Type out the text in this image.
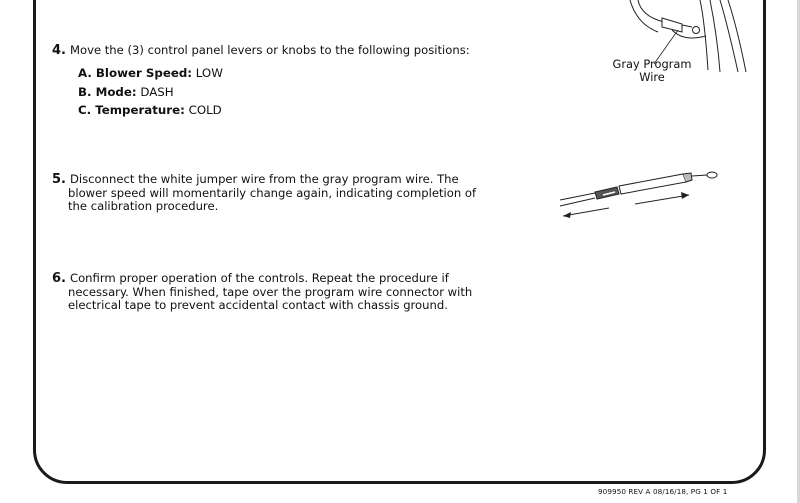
4. Move the (3) control panel levers or knobs to the following positions:
A. Blower Speed: LOW
B. Mode: DASH
C. Temperature: COLD

5. Disconnect the white jumper wire from the gray program wire. The

blower speed will momentarily change again, indicating completion of

the calibration procedure.

6. Confirm proper operation of the controls. Repeat the procedure if

necessary. When finished, tape over the program wire connector with

electrical tape to prevent accidental contact with chassis ground.

Gray Program
Wire
909950 REV A 08/16/18, PG 1 OF 1
